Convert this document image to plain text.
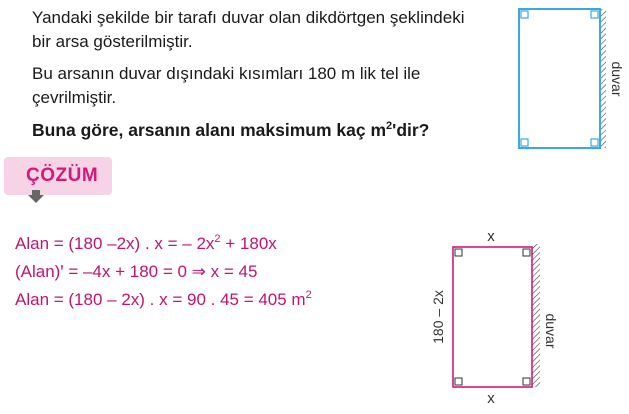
Yandaki şekilde bir tarafı duvar olan dikdörtgen şeklindeki
bir arsa gösterilmiştir.

Bu arsanın duvar dışındaki kısımları 180 m lik tel ile
çevrilmiştir.

Buna göre, arsanın alanı maksimum kaç $m^2'dir$?

duvar
x
x
180 – 2x	duvar
ÇÖZÜM
Alan = (180 –2x) . x = – $2x^2 + 180x$
(Alan)ꞌ = –4x + 180 = 0 ⇒ x = 45
Alan = (180 – 2x) . x = 90 . 45 = 405 $m^2$
